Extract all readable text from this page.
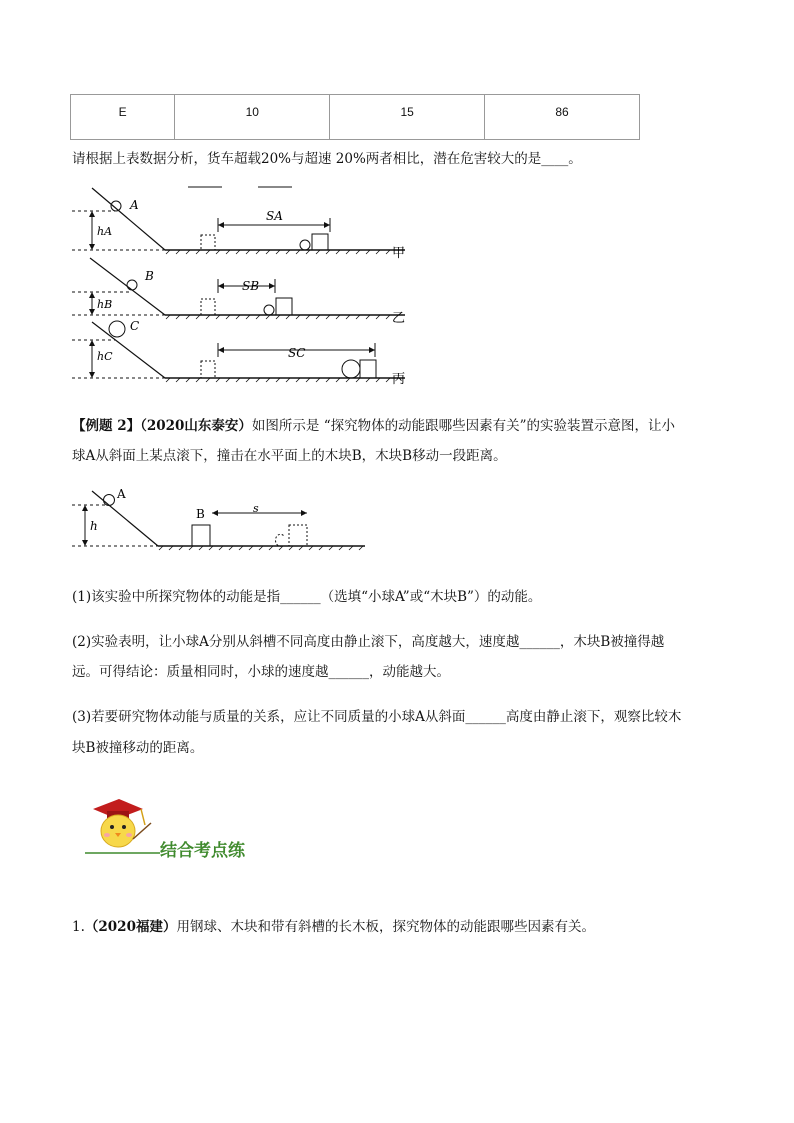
E	10	15	86
请根据上表数据分析，货车超载20%与超速 20%两者相比，潜在危害较大的是____。
A
hA
SA
甲
B
hB
SB
乙
C
hC	SC
丙
【例题 2】（2020山东泰安）如图所示是 “探究物体的动能跟哪些因素有关”的实验装置示意图，让小
球A从斜面上某点滚下，撞击在水平面上的木块B，木块B移动一段距离。
h
A
B	s
(1)该实验中所探究物体的动能是指______（选填“小球A”或“木块B”）的动能。
(2)实验表明，让小球A分别从斜槽不同高度由静止滚下，高度越大，速度越______，木块B被撞得越
远。可得结论：质量相同时，小球的速度越______，动能越大。
(3)若要研究物体动能与质量的关系，应让不同质量的小球A从斜面______高度由静止滚下，观察比较木
块B被撞移动的距离。
结合考点练
1.（2020福建）用钢球、木块和带有斜槽的长木板，探究物体的动能跟哪些因素有关。
